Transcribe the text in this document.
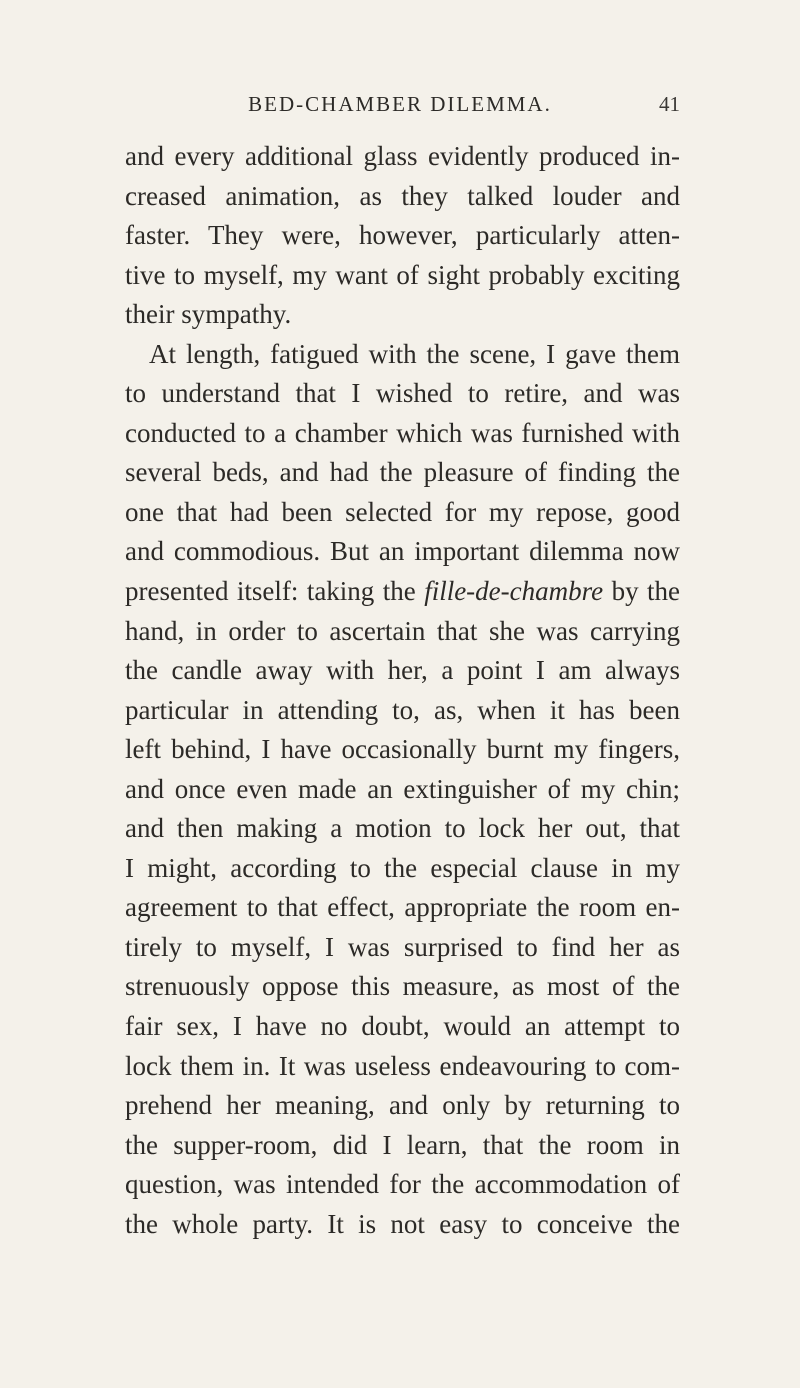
BED-CHAMBER DILEMMA.	41
and every additional glass evidently produced in-
creased animation, as they talked louder and
faster. They were, however, particularly atten-
tive to myself, my want of sight probably exciting
their sympathy.
At length, fatigued with the scene, I gave them
to understand that I wished to retire, and was
conducted to a chamber which was furnished with
several beds, and had the pleasure of finding the
one that had been selected for my repose, good
and commodious. But an important dilemma now
presented itself: taking the fille-de-chambre by the
hand, in order to ascertain that she was carrying
the candle away with her, a point I am always
particular in attending to, as, when it has been
left behind, I have occasionally burnt my fingers,
and once even made an extinguisher of my chin;
and then making a motion to lock her out, that
I might, according to the especial clause in my
agreement to that effect, appropriate the room en-
tirely to myself, I was surprised to find her as
strenuously oppose this measure, as most of the
fair sex, I have no doubt, would an attempt to
lock them in. It was useless endeavouring to com-
prehend her meaning, and only by returning to
the supper-room, did I learn, that the room in
question, was intended for the accommodation of
the whole party. It is not easy to conceive the
